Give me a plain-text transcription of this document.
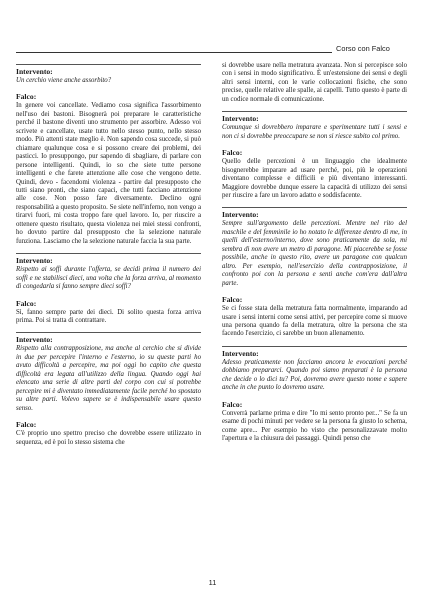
Corso con Falco

Intervento:

Un cerchio viene anche assorbito?

Falco:

In genere voi cancellate. Vediamo cosa significa l'assorbimento nell'uso dei bastoni. Bisognerà poi preparare le caratteristiche perché il bastone diventi uno strumento per assorbire. Adesso voi scrivete e cancellate, usate tutto nello stesso punto, nello stesso modo. Più attenti state meglio è. Non sapendo cosa succede, si può chiamare qualunque cosa e si possono creare dei problemi, dei pasticci. Io presuppongo, pur sapendo di sbagliare, di parlare con persone intelligenti. Quindi, io so che siete tutte persone intelligenti e che farete attenzione alle cose che vengono dette. Quindi, devo - facendomi violenza - partire dal presupposto che tutti siano pronti, che siano capaci, che tutti facciano attenzione alle cose. Non posso fare diversamente. Declino ogni responsabilità a questo proposito. Se siete nell'inferno, non vengo a tirarvi fuori, mi costa troppo fare quel lavoro. Io, per riuscire a ottenere questo risultato, questa violenza nei miei stessi confronti, ho dovuto partire dal presupposto che la selezione naturale funziona. Lasciamo che la selezione naturale faccia la sua parte.

Intervento:

Rispetto ai soffi durante l'offerta, se decidi prima il numero dei soffi e ne stabilisci dieci, una volta che la forza arriva, al momento di congedarla si fanno sempre dieci soffi?

Falco:

Sì, fanno sempre parte dei dieci. Di solito questa forza arriva prima. Poi si tratta di contrattare.

Intervento:

Rispetto alla contrapposizione, ma anche al cerchio che si divide in due per percepire l'interno e l'esterno, io su queste parti ho avuto difficoltà a percepire, ma poi oggi ho capito che questa difficoltà era legata all'utilizzo della lingua. Quando oggi hai elencato una serie di altre parti del corpo con cui si potrebbe percepire mi è diventato immediatamente facile perché ho spostato su altre parti. Volevo sapere se è indispensabile usare questo senso.

Falco:

C'è proprio uno spettro preciso che dovrebbe essere utilizzato in sequenza, ed è poi lo stesso sistema che

si dovrebbe usare nella metratura avanzata. Non si percepisce solo con i sensi in modo significativo. È un'estensione dei sensi e degli altri sensi interni, con le varie collocazioni fisiche, che sono precise, quelle relative alle spalle, ai capelli. Tutto questo è parte di un codice normale di comunicazione.

Intervento:

Comunque si dovrebbero imparare e sperimentare tutti i sensi e non ci si dovrebbe preoccupare se non si riesce subito col primo.

Falco:

Quello delle percezioni è un linguaggio che idealmente bisognerebbe imparare ad usare perché, poi, più le operazioni diventano complesse e difficili e più diventano interessanti. Maggiore dovrebbe dunque essere la capacità di utilizzo dei sensi per riuscire a fare un lavoro adatto e soddisfacente.

Intervento:

Sempre sull'argomento delle percezioni. Mentre nel rito del maschile e del femminile io ho notato le differenze dentro di me, in quelli dell'esterno/interno, dove sono praticamente da sola, mi sembra di non avere un metro di paragone. Mi piacerebbe se fosse possibile, anche in questo rito, avere un paragone con qualcun altro. Per esempio, nell'esercizio della contrapposizione, il confronto poi con la persona e senti anche com'era dall'altra parte.

Falco:

Se ci fosse stata della metratura fatta normalmente, imparando ad usare i sensi interni come sensi attivi, per percepire come si muove una persona quando fa della metratura, oltre la persona che sta facendo l'esercizio, ci sarebbe un buon allenamento.

Intervento:

Adesso praticamente non facciamo ancora le evocazioni perché dobbiamo prepararci. Quando poi siamo preparati è la persona che decide o lo dici tu? Poi, dovremo avere questo nome e sapere anche in che punto lo dovremo usare.

Falco:

Converrà parlarne prima e dire "Io mi sento pronto per..." Se fa un esame di pochi minuti per vedere se la persona fa giusto lo schema, come apre... Per esempio ho visto che personalizzavate molto l'apertura e la chiusura dei passaggi. Quindi penso che

11
